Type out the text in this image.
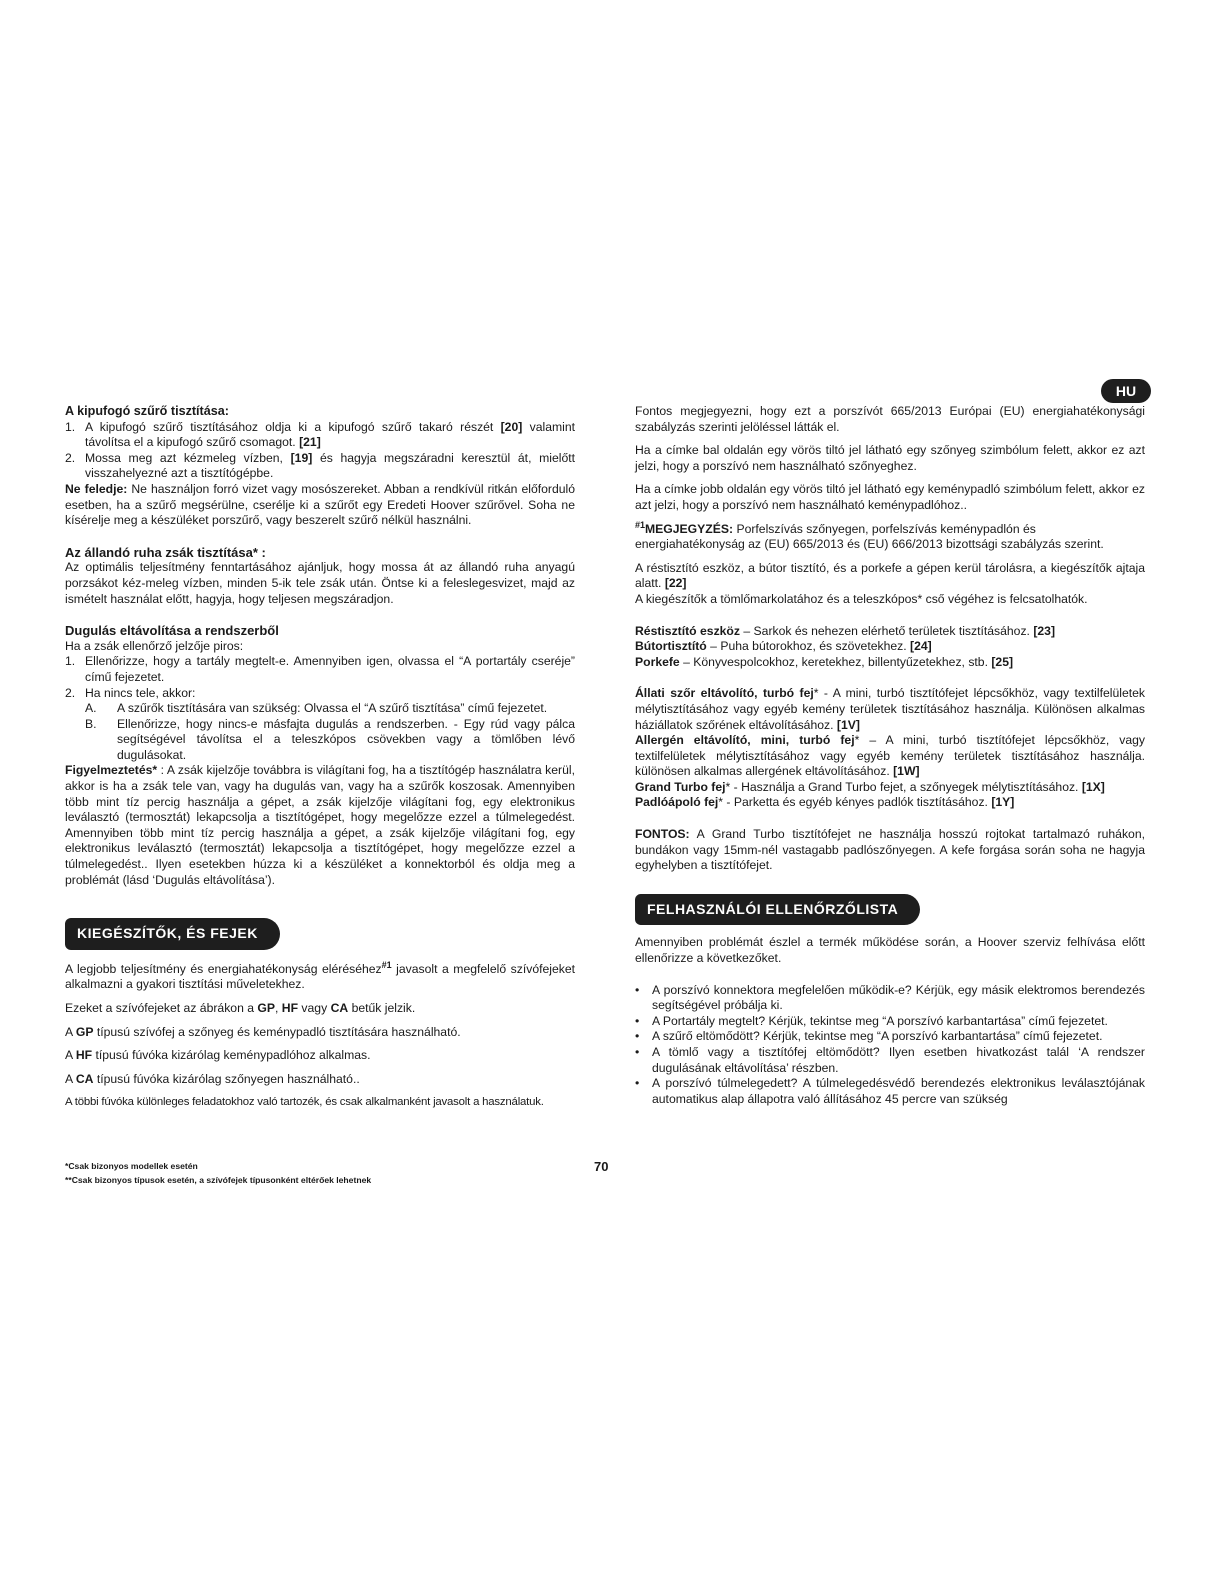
HU

A kipufogó szűrő tisztítása:

1. A kipufogó szűrő tisztításához oldja ki a kipufogó szűrő takaró részét [20] valamint távolítsa el a kipufogó szűrő csomagot. [21]
2. Mossa meg azt kézmeleg vízben, [19] és hagyja megszáradni keresztül át, mielőtt visszahelyezné azt a tisztítógépbe.

Ne feledje: Ne használjon forró vizet vagy mosószereket. Abban a rendkívül ritkán előforduló esetben, ha a szűrő megsérülne, cserélje ki a szűrőt egy Eredeti Hoover szűrővel. Soha ne kísérelje meg a készüléket porszűrő, vagy beszerelt szűrő nélkül használni.

Az állandó ruha zsák tisztítása* :

Az optimális teljesítmény fenntartásához ajánljuk, hogy mossa át az állandó ruha anyagú porzsákot kéz-meleg vízben, minden 5-ik tele zsák után. Öntse ki a feleslegesvizet, majd az ismételt használat előtt, hagyja, hogy teljesen megszáradjon.

Dugulás eltávolítása a rendszerből

Ha a zsák ellenőrző jelzője piros:

1. Ellenőrizze, hogy a tartály megtelt-e. Amennyiben igen, olvassa el “A portartály cseréje” című fejezetet.
2. Ha nincs tele, akkor:
A. A szűrők tisztítására van szükség: Olvassa el “A szűrő tisztítása” című fejezetet.
B. Ellenőrizze, hogy nincs-e másfajta dugulás a rendszerben. - Egy rúd vagy pálca segítségével távolítsa el a teleszkópos csövekben vagy a tömlőben lévő dugulásokat.

Figyelmeztetés* : A zsák kijelzője továbbra is világítani fog, ha a tisztítógép használatra kerül, akkor is ha a zsák tele van, vagy ha dugulás van, vagy ha a szűrők koszosak. Amennyiben több mint tíz percig használja a gépet, a zsák kijelzője világítani fog, egy elektronikus leválasztó (termosztát) lekapcsolja a tisztítógépet, hogy megelőzze ezzel a túlmelegedést. Amennyiben több mint tíz percig használja a gépet, a zsák kijelzője világítani fog, egy elektronikus leválasztó (termosztát) lekapcsolja a tisztítógépet, hogy megelőzze ezzel a túlmelegedést.. Ilyen esetekben húzza ki a készüléket a konnektorból és oldja meg a problémát (lásd ‘Dugulás eltávolítása’).

KIEGÉSZÍTŐK, ÉS FEJEK

A legjobb teljesítmény és energiahatékonyság eléréséhez$^{\#1}$ javasolt a megfelelő szívófejeket alkalmazni a gyakori tisztítási műveletekhez.

Ezeket a szívófejeket az ábrákon a GP, HF vagy CA betűk jelzik.

A GP típusú szívófej a szőnyeg és keménypadló tisztítására használható.

A HF típusú fúvóka kizárólag keménypadlóhoz alkalmas.

A CA típusú fúvóka kizárólag szőnyegen használható..

A többi fúvóka különleges feladatokhoz való tartozék, és csak alkalmanként javasolt a használatuk.

*Csak bizonyos modellek esetén
**Csak bizonyos típusok esetén, a szívófejek típusonként eltérőek lehetnek
70

Fontos megjegyezni, hogy ezt a porszívót 665/2013 Európai (EU) energiahatékonysági szabályzás szerinti jelöléssel látták el.

Ha a címke bal oldalán egy vörös tiltó jel látható egy szőnyeg szimbólum felett, akkor ez azt jelzi, hogy a porszívó nem használható szőnyeghez.

Ha a címke jobb oldalán egy vörös tiltó jel látható egy keménypadló szimbólum felett, akkor ez azt jelzi, hogy a porszívó nem használható keménypadlóhoz..

$^{\#1}$MEGJEGYZÉS: Porfelszívás szőnyegen, porfelszívás keménypadlón és energiahatékonyság az (EU) 665/2013 és (EU) 666/2013 bizottsági szabályzás szerint.

A réstisztító eszköz, a bútor tisztító, és a porkefe a gépen kerül tárolásra, a kiegészítők ajtaja alatt. [22]

A kiegészítők a tömlőmarkolatához és a teleszkópos* cső végéhez is felcsatolhatók.

Réstisztító eszköz – Sarkok és nehezen elérhető területek tisztításához. [23]

Bútortisztító – Puha bútorokhoz, és szövetekhez. [24]

Porkefe – Könyvespolcokhoz, keretekhez, billentyűzetekhez, stb. [25]

Állati szőr eltávolító, turbó fej* - A mini, turbó tisztítófejet lépcsőkhöz, vagy textilfelületek mélytisztításához vagy egyéb kemény területek tisztításához használja. Különösen alkalmas háziállatok szőrének eltávolításához. [1V]

Allergén eltávolító, mini, turbó fej* – A mini, turbó tisztítófejet lépcsőkhöz, vagy textilfelületek mélytisztításához vagy egyéb kemény területek tisztításához használja. különösen alkalmas allergének eltávolításához. [1W]

Grand Turbo fej* - Használja a Grand Turbo fejet, a szőnyegek mélytisztításához. [1X]

Padlóápoló fej* - Parketta és egyéb kényes padlók tisztításához. [1Y]

FONTOS: A Grand Turbo tisztítófejet ne használja hosszú rojtokat tartalmazó ruhákon, bundákon vagy 15mm-nél vastagabb padlószőnyegen. A kefe forgása során soha ne hagyja egyhelyben a tisztítófejet.

FELHASZNÁLÓI ELLENŐRZŐLISTA

Amennyiben problémát észlel a termék működése során, a Hoover szerviz felhívása előtt ellenőrizze a következőket.

• A porszívó konnektora megfelelően működik-e? Kérjük, egy másik elektromos berendezés segítségével próbálja ki.
• A Portartály megtelt? Kérjük, tekintse meg “A porszívó karbantartása” című fejezetet.
• A szűrő eltömődött? Kérjük, tekintse meg “A porszívó karbantartása” című fejezetet.
• A tömlő vagy a tisztítófej eltömődött? Ilyen esetben hivatkozást talál ‘A rendszer dugulásának eltávolítása’ részben.
• A porszívó túlmelegedett? A túlmelegedésvédő berendezés elektronikus leválasztójának automatikus alap állapotra való állításához 45 percre van szükség
